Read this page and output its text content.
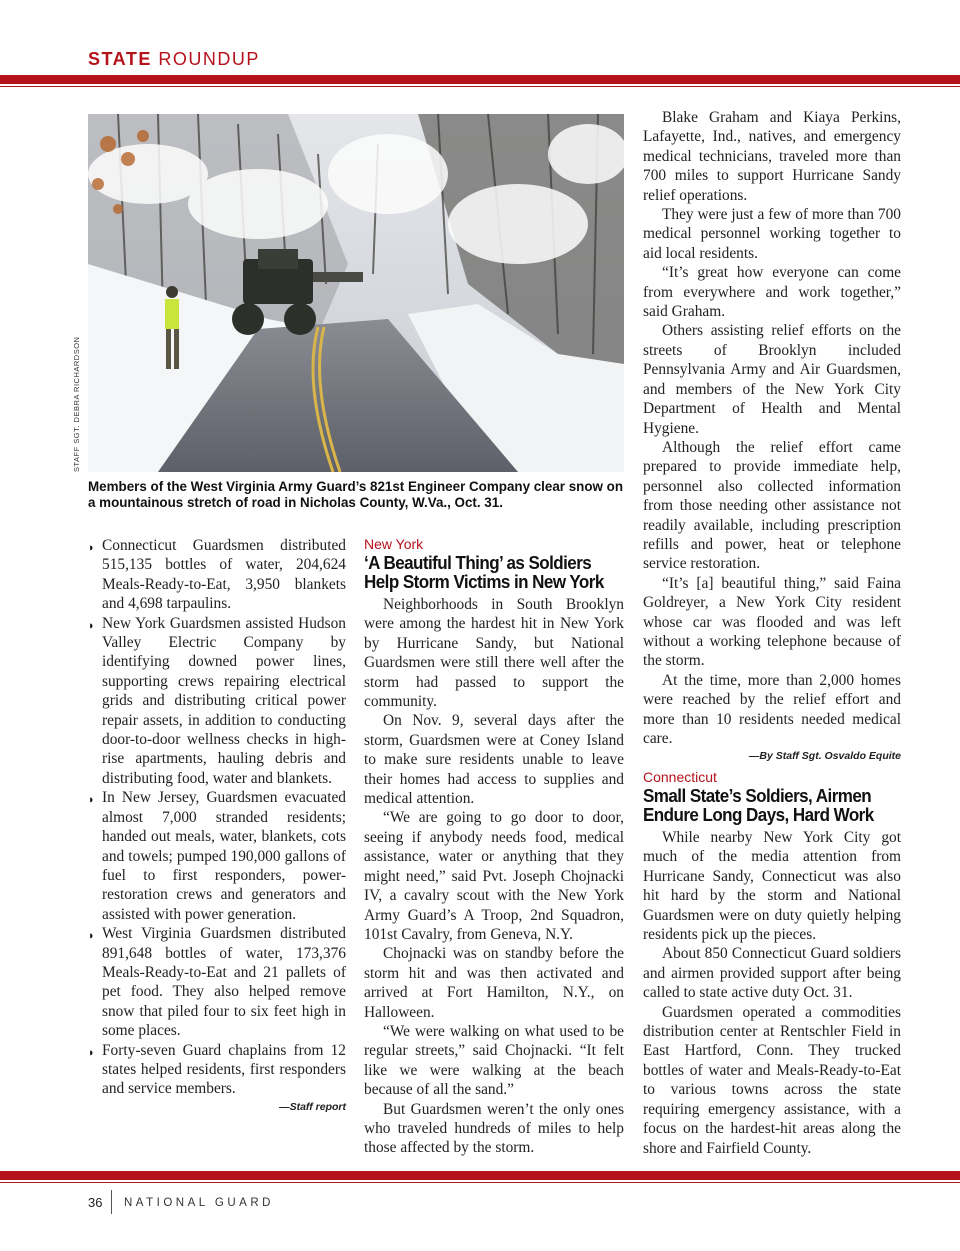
STATE ROUNDUP
STAFF SGT. DEBRA RICHARDSON
Members of the West Virginia Army Guard’s 821st Engineer Company clear snow on a mountainous stretch of road in Nicholas County, W.Va., Oct. 31.
◗ Connecticut Guardsmen distributed 515,135 bottles of water, 204,624 Meals-Ready-to-Eat, 3,950 blankets and 4,698 tarpaulins.
◗ New York Guardsmen assisted Hudson Valley Electric Company by identifying downed power lines, supporting crews repairing electrical grids and distributing critical power repair assets, in addition to conducting door-to-door wellness checks in high-rise apartments, hauling debris and distributing food, water and blankets.
◗ In New Jersey, Guardsmen evacuated almost 7,000 stranded residents; handed out meals, water, blankets, cots and towels; pumped 190,000 gallons of fuel to first responders, power-restoration crews and generators and assisted with power generation.
◗ West Virginia Guardsmen distributed 891,648 bottles of water, 173,376 Meals-Ready-to-Eat and 21 pallets of pet food. They also helped remove snow that piled four to six feet high in some places.
◗ Forty-seven Guard chaplains from 12 states helped residents, first responders and service members.

—Staff report

New York
‘A Beautiful Thing’ as Soldiers Help Storm Victims in New York

Neighborhoods in South Brooklyn were among the hardest hit in New York by Hurricane Sandy, but National Guardsmen were still there well after the storm had passed to support the community.

On Nov. 9, several days after the storm, Guardsmen were at Coney Island to make sure residents unable to leave their homes had access to supplies and medical attention.

“We are going to go door to door, seeing if anybody needs food, medical assistance, water or anything that they might need,” said Pvt. Joseph Chojnacki IV, a cavalry scout with the New York Army Guard’s A Troop, 2nd Squadron, 101st Cavalry, from Geneva, N.Y.

Chojnacki was on standby before the storm hit and was then activated and arrived at Fort Hamilton, N.Y., on Halloween.

“We were walking on what used to be regular streets,” said Chojnacki. “It felt like we were walking at the beach because of all the sand.”

But Guardsmen weren’t the only ones who traveled hundreds of miles to help those affected by the storm.

Blake Graham and Kiaya Perkins, Lafayette, Ind., natives, and emergency medical technicians, traveled more than 700 miles to support Hurricane Sandy relief operations.

They were just a few of more than 700 medical personnel working together to aid local residents.

“It’s great how everyone can come from everywhere and work together,” said Graham.

Others assisting relief efforts on the streets of Brooklyn included Pennsylvania Army and Air Guardsmen, and members of the New York City Department of Health and Mental Hygiene.

Although the relief effort came prepared to provide immediate help, personnel also collected information from those needing other assistance not readily available, including prescription refills and power, heat or telephone service restoration.

“It’s [a] beautiful thing,” said Faina Goldreyer, a New York City resident whose car was flooded and was left without a working telephone because of the storm.

At the time, more than 2,000 homes were reached by the relief effort and more than 10 residents needed medical care.

—By Staff Sgt. Osvaldo Equite

Connecticut
Small State’s Soldiers, Airmen Endure Long Days, Hard Work

While nearby New York City got much of the media attention from Hurricane Sandy, Connecticut was also hit hard by the storm and National Guardsmen were on duty quietly helping residents pick up the pieces.

About 850 Connecticut Guard soldiers and airmen provided support after being called to state active duty Oct. 31.

Guardsmen operated a commodities distribution center at Rentschler Field in East Hartford, Conn. They trucked bottles of water and Meals-Ready-to-Eat to various towns across the state requiring emergency assistance, with a focus on the hardest-hit areas along the shore and Fairfield County.

36 NATIONAL GUARD
